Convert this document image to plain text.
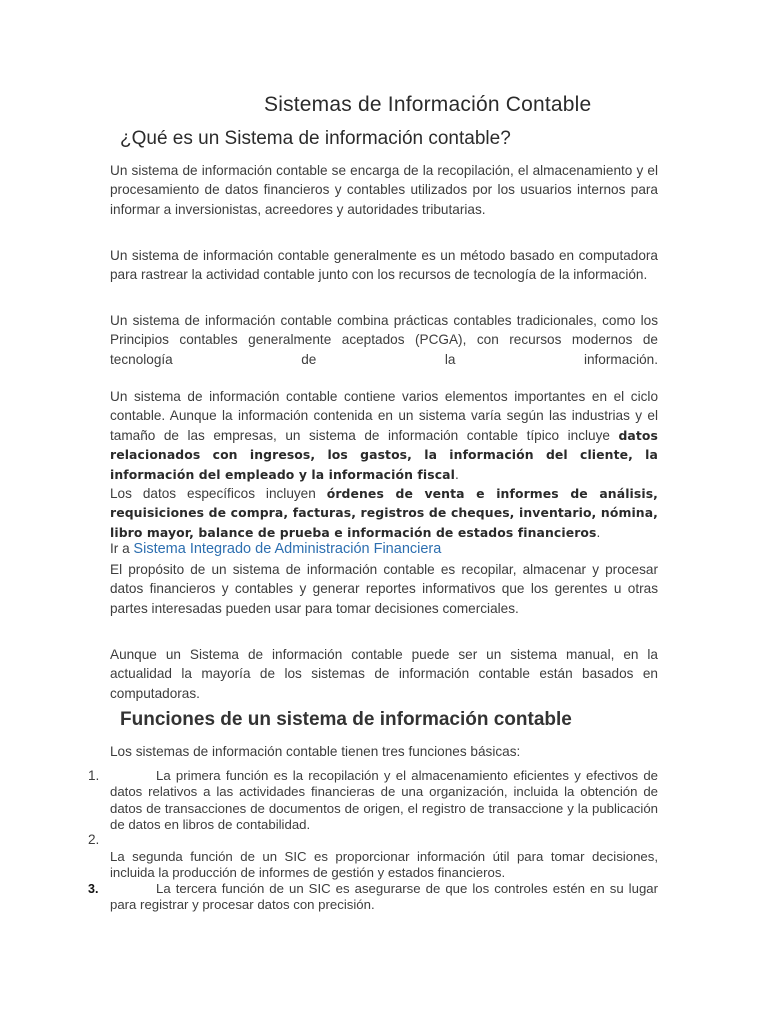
Sistemas de Información Contable
¿Qué es un Sistema de información contable?

Un sistema de información contable se encarga de la recopilación, el almacenamiento y el procesamiento de datos financieros y contables utilizados por los usuarios internos para informar a inversionistas, acreedores y autoridades tributarias.

Un sistema de información contable generalmente es un método basado en computadora para rastrear la actividad contable junto con los recursos de tecnología de la información.

Un sistema de información contable combina prácticas contables tradicionales, como los Principios contables generalmente aceptados (PCGA), con recursos modernos de tecnología de la información.

Un sistema de información contable contiene varios elementos importantes en el ciclo contable. Aunque la información contenida en un sistema varía según las industrias y el tamaño de las empresas, un sistema de información contable típico incluye datos relacionados con ingresos, los gastos, la información del cliente, la información del empleado y la información fiscal.

Los datos específicos incluyen órdenes de venta e informes de análisis, requisiciones de compra, facturas, registros de cheques, inventario, nómina, libro mayor, balance de prueba e información de estados financieros.

Ir a Sistema Integrado de Administración Financiera

El propósito de un sistema de información contable es recopilar, almacenar y procesar datos financieros y contables y generar reportes informativos que los gerentes u otras partes interesadas pueden usar para tomar decisiones comerciales.

Aunque un Sistema de información contable puede ser un sistema manual, en la actualidad la mayoría de los sistemas de información contable están basados en computadoras.

Funciones de un sistema de información contable

Los sistemas de información contable tienen tres funciones básicas:

1.	La primera función es la recopilación y el almacenamiento eficientes y efectivos de datos relativos a las actividades financieras de una organización, incluida la obtención de datos de transacciones de documentos de origen, el registro de transaccione y la publicación de datos en libros de contabilidad.

2.

La segunda función de un SIC es proporcionar información útil para tomar decisiones, incluida la producción de informes de gestión y estados financieros.

3.	La tercera función de un SIC es asegurarse de que los controles estén en su lugar para registrar y procesar datos con precisión.
